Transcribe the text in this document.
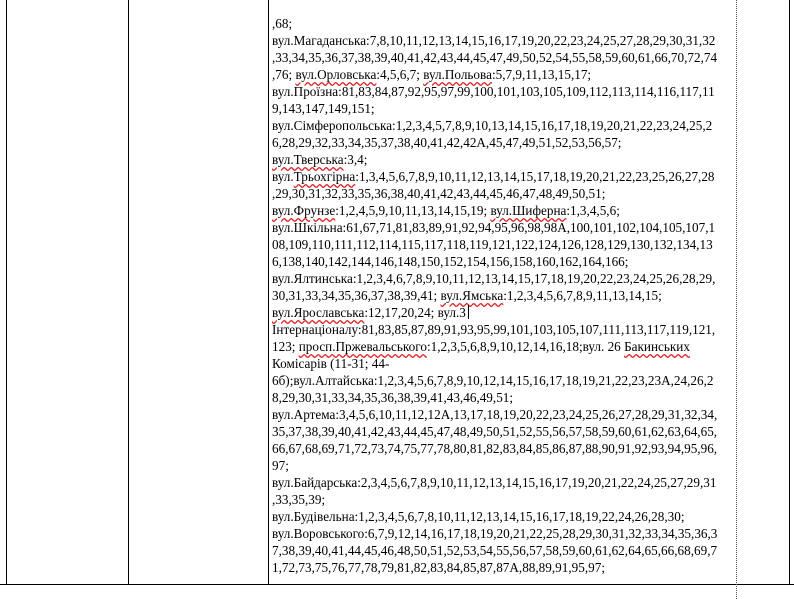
,68;
вул.Магаданська:7,8,10,11,12,13,14,15,16,17,19,20,22,23,24,25,27,28,29,30,31,32
,33,34,35,36,37,38,39,40,41,42,43,44,45,47,49,50,52,54,55,58,59,60,61,66,70,72,74
,76; вул.Орловська:4,5,6,7; вул.Польова:5,7,9,11,13,15,17;
вул.Проїзна:81,83,84,87,92,95,97,99,100,101,103,105,109,112,113,114,116,117,11
9,143,147,149,151;
вул.Сімферопольська:1,2,3,4,5,7,8,9,10,13,14,15,16,17,18,19,20,21,22,23,24,25,2
6,28,29,32,33,34,35,37,38,40,41,42,42А,45,47,49,51,52,53,56,57;
вул.Тверська:3,4;
вул.Трьохгірна:1,3,4,5,6,7,8,9,10,11,12,13,14,15,17,18,19,20,21,22,23,25,26,27,28
,29,30,31,32,33,35,36,38,40,41,42,43,44,45,46,47,48,49,50,51;
вул.Фрунзе:1,2,4,5,9,10,11,13,14,15,19; вул.Шиферна:1,3,4,5,6;
вул.Шкільна:61,67,71,81,83,89,91,92,94,95,96,98,98А,100,101,102,104,105,107,1
08,109,110,111,112,114,115,117,118,119,121,122,124,126,128,129,130,132,134,13
6,138,140,142,144,146,148,150,152,154,156,158,160,162,164,166;
вул.Ялтинська:1,2,3,4,6,7,8,9,10,11,12,13,14,15,17,18,19,20,22,23,24,25,26,28,29,
30,31,33,34,35,36,37,38,39,41; вул.Ямська:1,2,3,4,5,6,7,8,9,11,13,14,15;
вул.Ярославська:12,17,20,24; вул.3
Інтернаціоналу:81,83,85,87,89,91,93,95,99,101,103,105,107,111,113,117,119,121,
123; просп.Пржевальського:1,2,3,5,6,8,9,10,12,14,16,18;вул. 26 Бакинських
Комісарів (11-31; 44-
6б);вул.Алтайська:1,2,3,4,5,6,7,8,9,10,12,14,15,16,17,18,19,21,22,23,23А,24,26,2
8,29,30,31,33,34,35,36,38,39,41,43,46,49,51;
вул.Артема:3,4,5,6,10,11,12,12А,13,17,18,19,20,22,23,24,25,26,27,28,29,31,32,34,
35,37,38,39,40,41,42,43,44,45,47,48,49,50,51,52,55,56,57,58,59,60,61,62,63,64,65,
66,67,68,69,71,72,73,74,75,77,78,80,81,82,83,84,85,86,87,88,90,91,92,93,94,95,96,
97;
вул.Байдарська:2,3,4,5,6,7,8,9,10,11,12,13,14,15,16,17,19,20,21,22,24,25,27,29,31
,33,35,39;
вул.Будівельна:1,2,3,4,5,6,7,8,10,11,12,13,14,15,16,17,18,19,22,24,26,28,30;
вул.Воровського:6,7,9,12,14,16,17,18,19,20,21,22,25,28,29,30,31,32,33,34,35,36,3
7,38,39,40,41,44,45,46,48,50,51,52,53,54,55,56,57,58,59,60,61,62,64,65,66,68,69,7
1,72,73,75,76,77,78,79,81,82,83,84,85,87,87А,88,89,91,95,97;
